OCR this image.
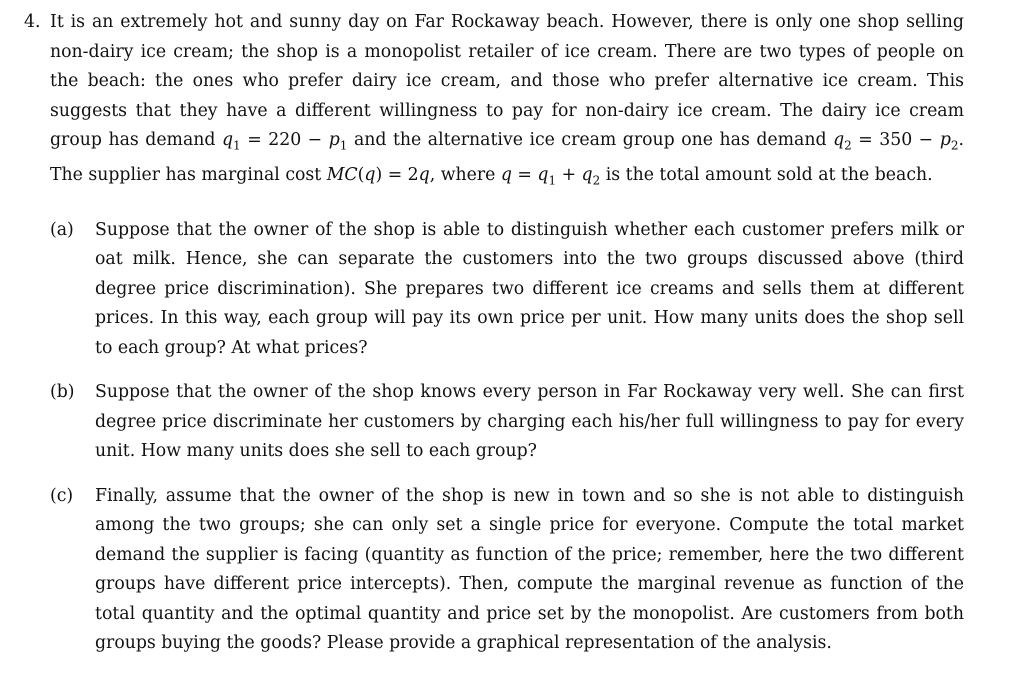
4. It is an extremely hot and sunny day on Far Rockaway beach. However, there is only one shop selling non-dairy ice cream; the shop is a monopolist retailer of ice cream. There are two types of people on the beach: the ones who prefer dairy ice cream, and those who prefer alternative ice cream. This suggests that they have a different willingness to pay for non-dairy ice cream. The dairy ice cream group has demand $q_1 = 220 - p_1$ and the alternative ice cream group one has demand $q_2 = 350 - p_2$. The supplier has marginal cost MC(q) = 2q, where $q = q_1 + q_2$ is the total amount sold at the beach.

(a)	Suppose that the owner of the shop is able to distinguish whether each customer prefers milk or oat milk. Hence, she can separate the customers into the two groups discussed above (third degree price discrimination). She prepares two different ice creams and sells them at different prices. In this way, each group will pay its own price per unit. How many units does the shop sell to each group? At what prices?

(b)	Suppose that the owner of the shop knows every person in Far Rockaway very well. She can first degree price discriminate her customers by charging each his/her full willingness to pay for every unit. How many units does she sell to each group?

(c)	Finally, assume that the owner of the shop is new in town and so she is not able to distinguish among the two groups; she can only set a single price for everyone. Compute the total market demand the supplier is facing (quantity as function of the price; remember, here the two different groups have different price intercepts). Then, compute the marginal revenue as function of the total quantity and the optimal quantity and price set by the monopolist. Are customers from both groups buying the goods? Please provide a graphical representation of the analysis.
